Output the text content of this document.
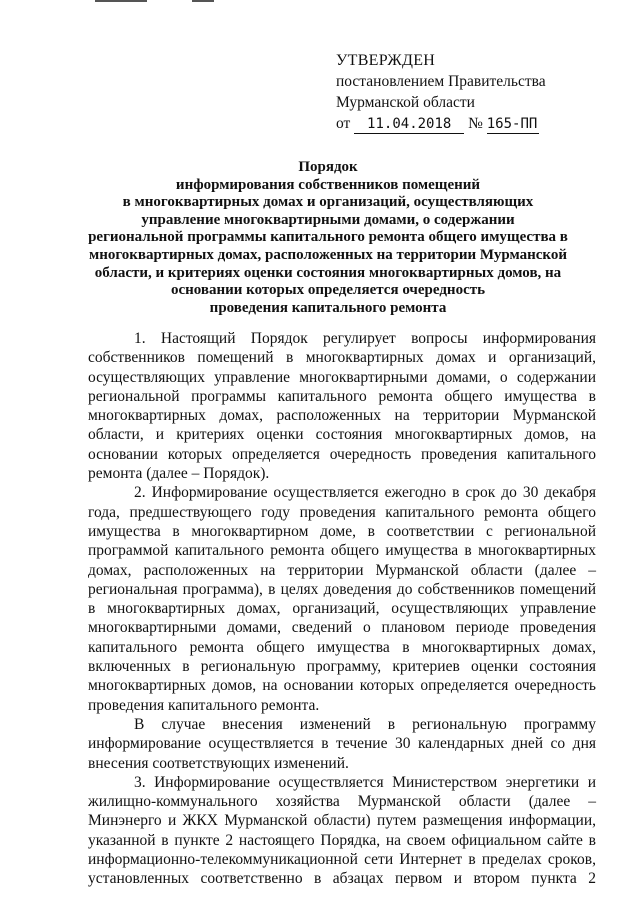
УТВЕРЖДЕН
постановлением Правительства
Мурманской области
от 11.04.2018 № 165-ПП
Порядок
информирования собственников помещений
в многоквартирных домах и организаций, осуществляющих
управление многоквартирными домами, о содержании
региональной программы капитального ремонта общего имущества в
многоквартирных домах, расположенных на территории Мурманской
области, и критериях оценки состояния многоквартирных домов, на
основании которых определяется очередность
проведения капитального ремонта

1. Настоящий Порядок регулирует вопросы информирования собственников помещений в многоквартирных домах и организаций, осуществляющих управление многоквартирными домами, о содержании региональной программы капитального ремонта общего имущества в многоквартирных домах, расположенных на территории Мурманской области, и критериях оценки состояния многоквартирных домов, на основании которых определяется очередность проведения капитального ремонта (далее – Порядок).

2. Информирование осуществляется ежегодно в срок до 30 декабря года, предшествующего году проведения капитального ремонта общего имущества в многоквартирном доме, в соответствии с региональной программой капитального ремонта общего имущества в многоквартирных домах, расположенных на территории Мурманской области (далее – региональная программа), в целях доведения до собственников помещений в многоквартирных домах, организаций, осуществляющих управление многоквартирными домами, сведений о плановом периоде проведения капитального ремонта общего имущества в многоквартирных домах, включенных в региональную программу, критериев оценки состояния многоквартирных домов, на основании которых определяется очередность проведения капитального ремонта.

В случае внесения изменений в региональную программу информирование осуществляется в течение 30 календарных дней со дня внесения соответствующих изменений.

3. Информирование осуществляется Министерством энергетики и жилищно-коммунального хозяйства Мурманской области (далее – Минэнерго и ЖКХ Мурманской области) путем размещения информации, указанной в пункте 2 настоящего Порядка, на своем официальном сайте в информационно-телекоммуникационной сети Интернет в пределах сроков, установленных соответственно в абзацах первом и втором пункта 2
